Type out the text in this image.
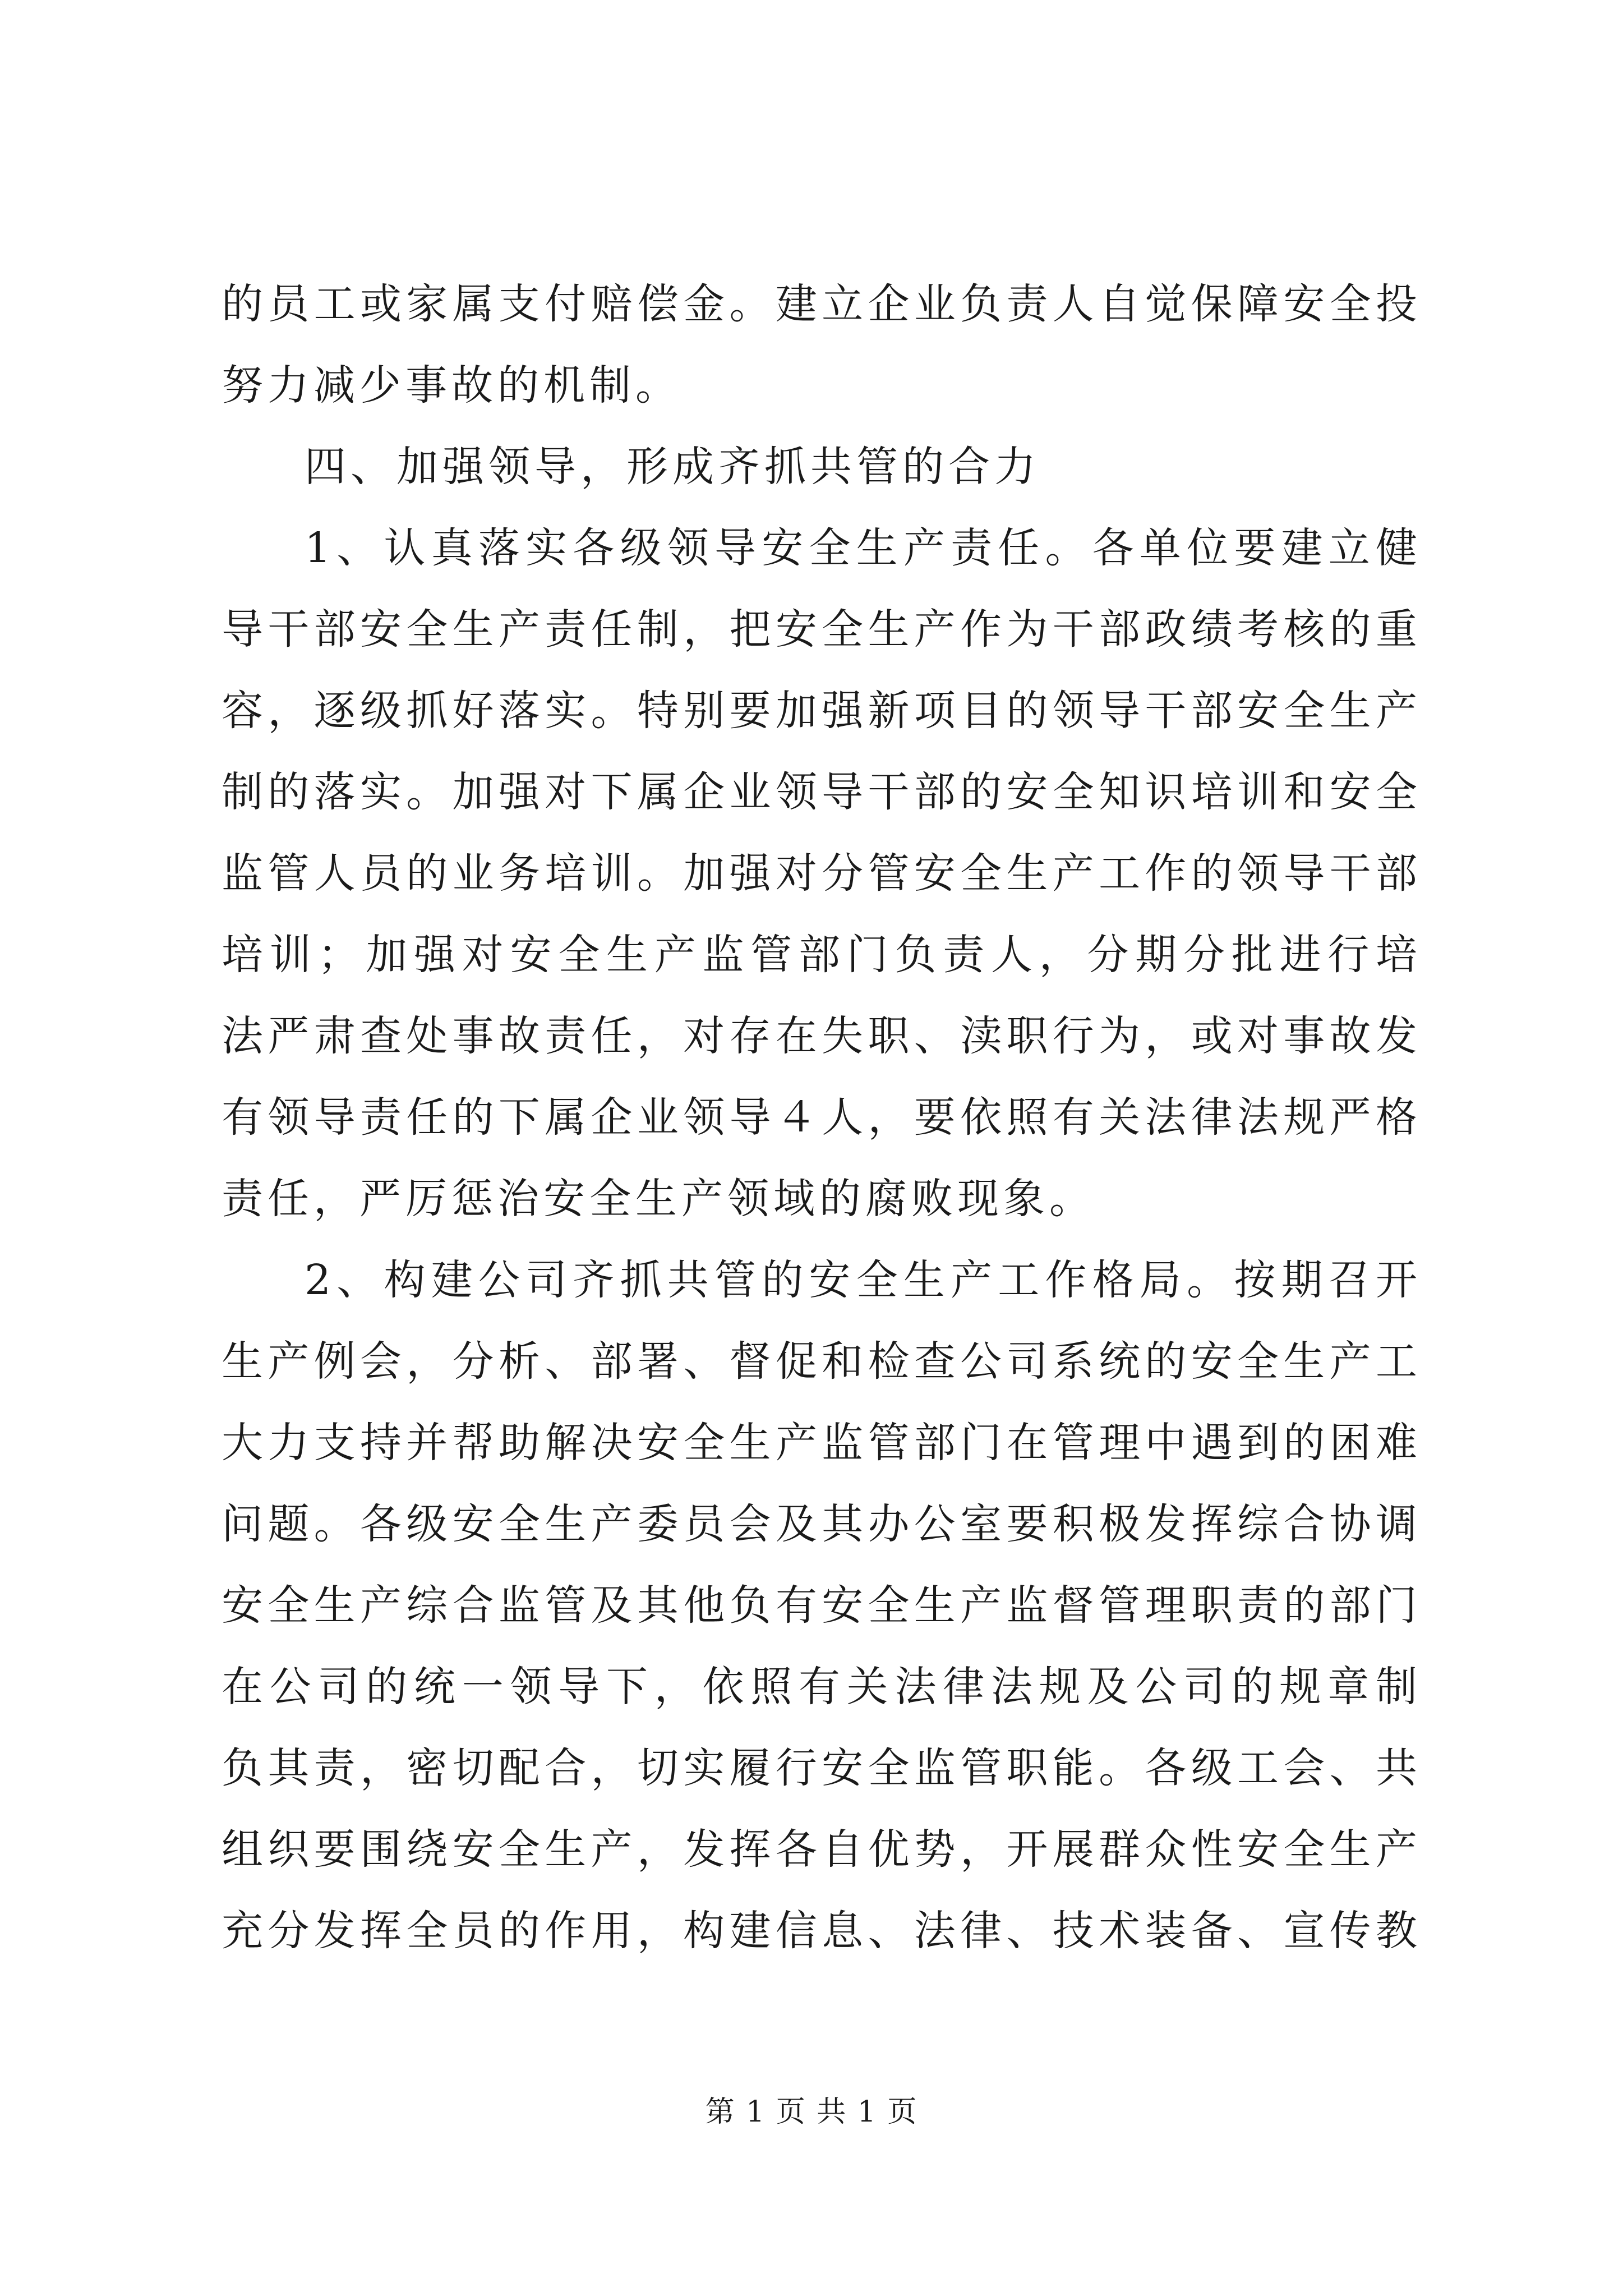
的员工或家属支付赔偿金。建立企业负责人自觉保障安全投
努力减少事故的机制。
四、加强领导，形成齐抓共管的合力
1、认真落实各级领导安全生产责任。各单位要建立健
导干部安全生产责任制，把安全生产作为干部政绩考核的重
容，逐级抓好落实。特别要加强新项目的领导干部安全生产
制的落实。加强对下属企业领导干部的安全知识培训和安全
监管人员的业务培训。加强对分管安全生产工作的领导干部
培训；加强对安全生产监管部门负责人，分期分批进行培
法严肃查处事故责任，对存在失职、渎职行为，或对事故发
有领导责任的下属企业领导４人，要依照有关法律法规严格
责任，严厉惩治安全生产领域的腐败现象。
2、构建公司齐抓共管的安全生产工作格局。按期召开
生产例会，分析、部署、督促和检查公司系统的安全生产工
大力支持并帮助解决安全生产监管部门在管理中遇到的困难
问题。各级安全生产委员会及其办公室要积极发挥综合协调
安全生产综合监管及其他负有安全生产监督管理职责的部门
在公司的统一领导下，依照有关法律法规及公司的规章制
负其责，密切配合，切实履行安全监管职能。各级工会、共
组织要围绕安全生产，发挥各自优势，开展群众性安全生产
充分发挥全员的作用，构建信息、法律、技术装备、宣传教
第 1 页 共 1 页
